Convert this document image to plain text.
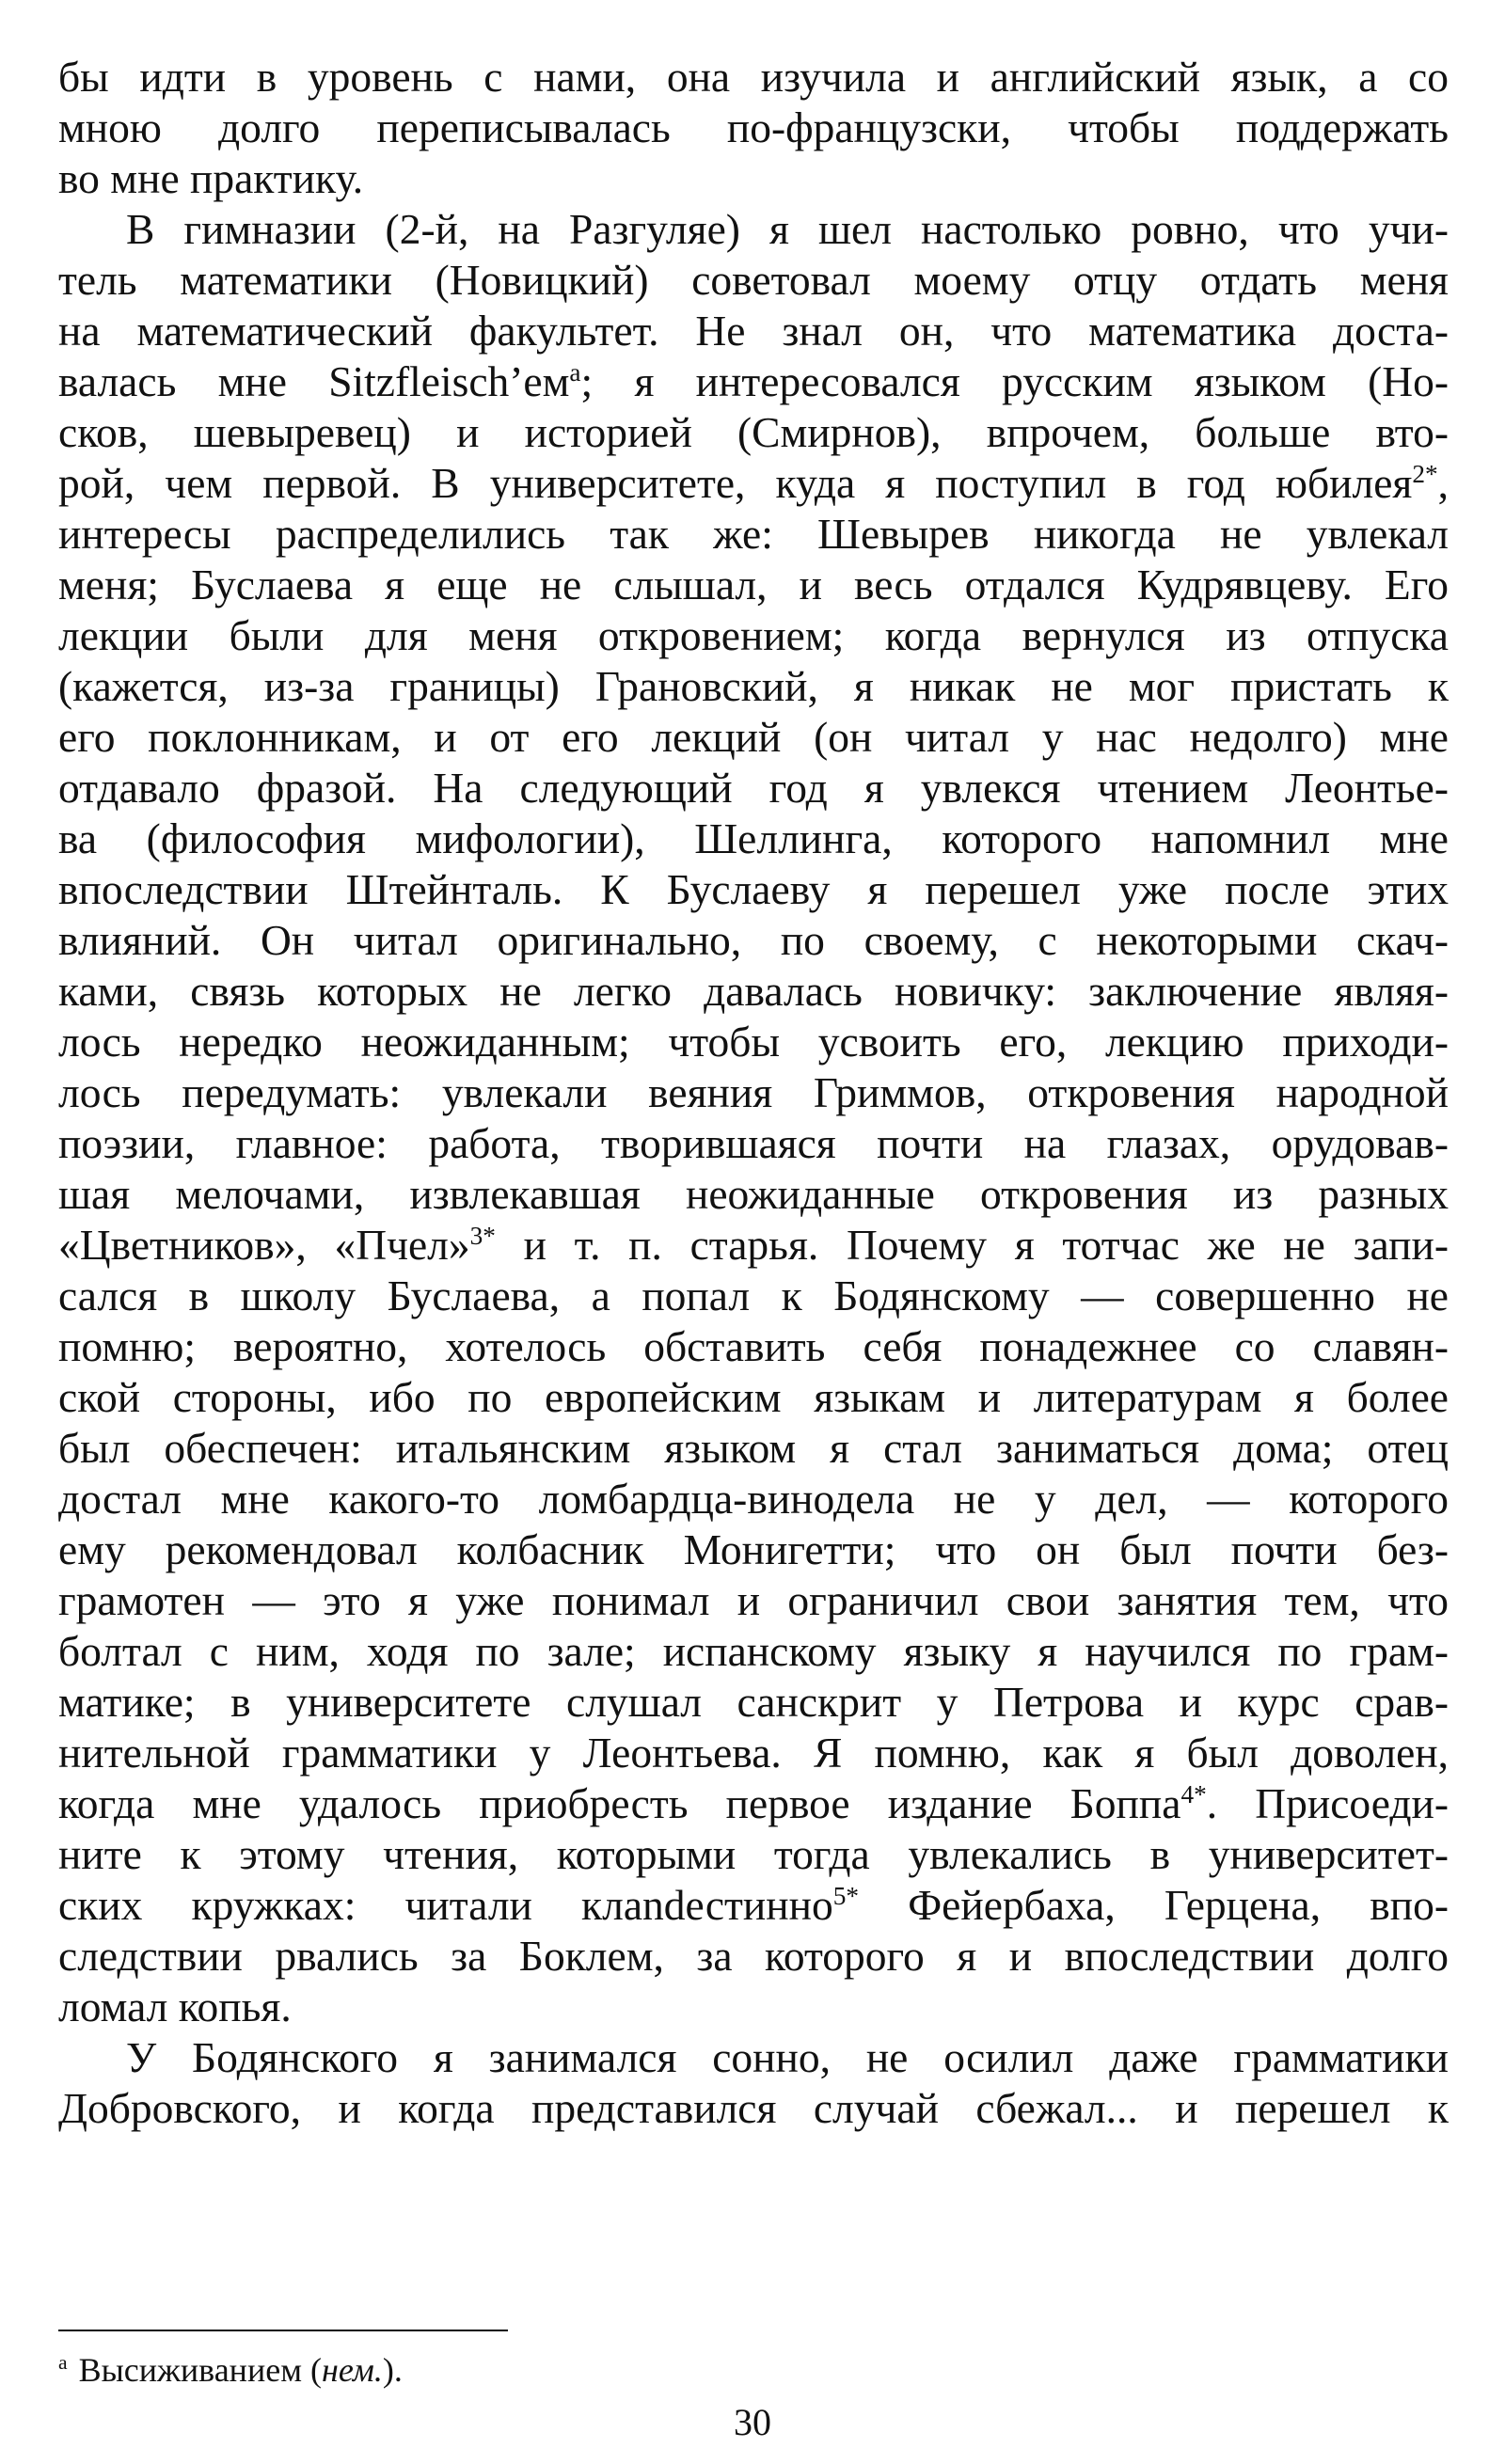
бы идти в уровень с нами, она изучила и английский язык, а со
мною долго переписывалась по-французски, чтобы поддержать
во мне практику.
В гимназии (2-й, на Разгуляе) я шел настолько ровно, что учи-
тель математики (Новицкий) советовал моему отцу отдать меня
на математический факультет. Не знал он, что математика доста-
валась мне $Sitzfleisch’ем^а$; я интересовался русским языком (Но-
сков, шевыревец) и историей (Смирнов), впрочем, больше вто-
рой, чем первой. В университете, куда я поступил в год юбилея$^{2*}$,
интересы распределились так же: Шевырев никогда не увлекал
меня; Буслаева я еще не слышал, и весь отдался Кудрявцеву. Его
лекции были для меня откровением; когда вернулся из отпуска
(кажется, из-за границы) Грановский, я никак не мог пристать к
его поклонникам, и от его лекций (он читал у нас недолго) мне
отдавало фразой. На следующий год я увлекся чтением Леонтье-
ва (философия мифологии), Шеллинга, которого напомнил мне
впоследствии Штейнталь. К Буслаеву я перешел уже после этих
влияний. Он читал оригинально, по своему, с некоторыми скач-
ками, связь которых не легко давалась новичку: заключение являя-
лось нередко неожиданным; чтобы усвоить его, лекцию приходи-
лось передумать: увлекали веяния Гриммов, откровения народной
поэзии, главное: работа, творившаяся почти на глазах, орудовав-
шая мелочами, извлекавшая неожиданные откровения из разных
«Цветников», «Пчел»$^{3*}$ и т. п. старья. Почему я тотчас же не запи-
сался в школу Буслаева, а попал к Бодянскому — совершенно не
помню; вероятно, хотелось обставить себя понадежнее со славян-
ской стороны, ибо по европейским языкам и литературам я более
был обеспечен: итальянским языком я стал заниматься дома; отец
достал мне какого-то ломбардца-винодела не у дел, — которого
ему рекомендовал колбасник Монигетти; что он был почти без-
грамотен — это я уже понимал и ограничил свои занятия тем, что
болтал с ним, ходя по зале; испанскому языку я научился по грам-
матике; в университете слушал санскрит у Петрова и курс срав-
нительной грамматики у Леонтьева. Я помню, как я был доволен,
когда мне удалось приобресть первое издание Боппа$^{4*}$. Присоеди-
ните к этому чтения, которыми тогда увлекались в университет-
ских кружках: читали клandестинно$^{5*}$ Фейербаха, Герцена, впо-
следствии рвались за Боклем, за которого я и впоследствии долго
ломал копья.
У Бодянского я занимался сонно, не осилил даже грамматики
Добровского, и когда представился случай сбежал... и перешел к
$^а$ Высиживанием (нем.).
30
